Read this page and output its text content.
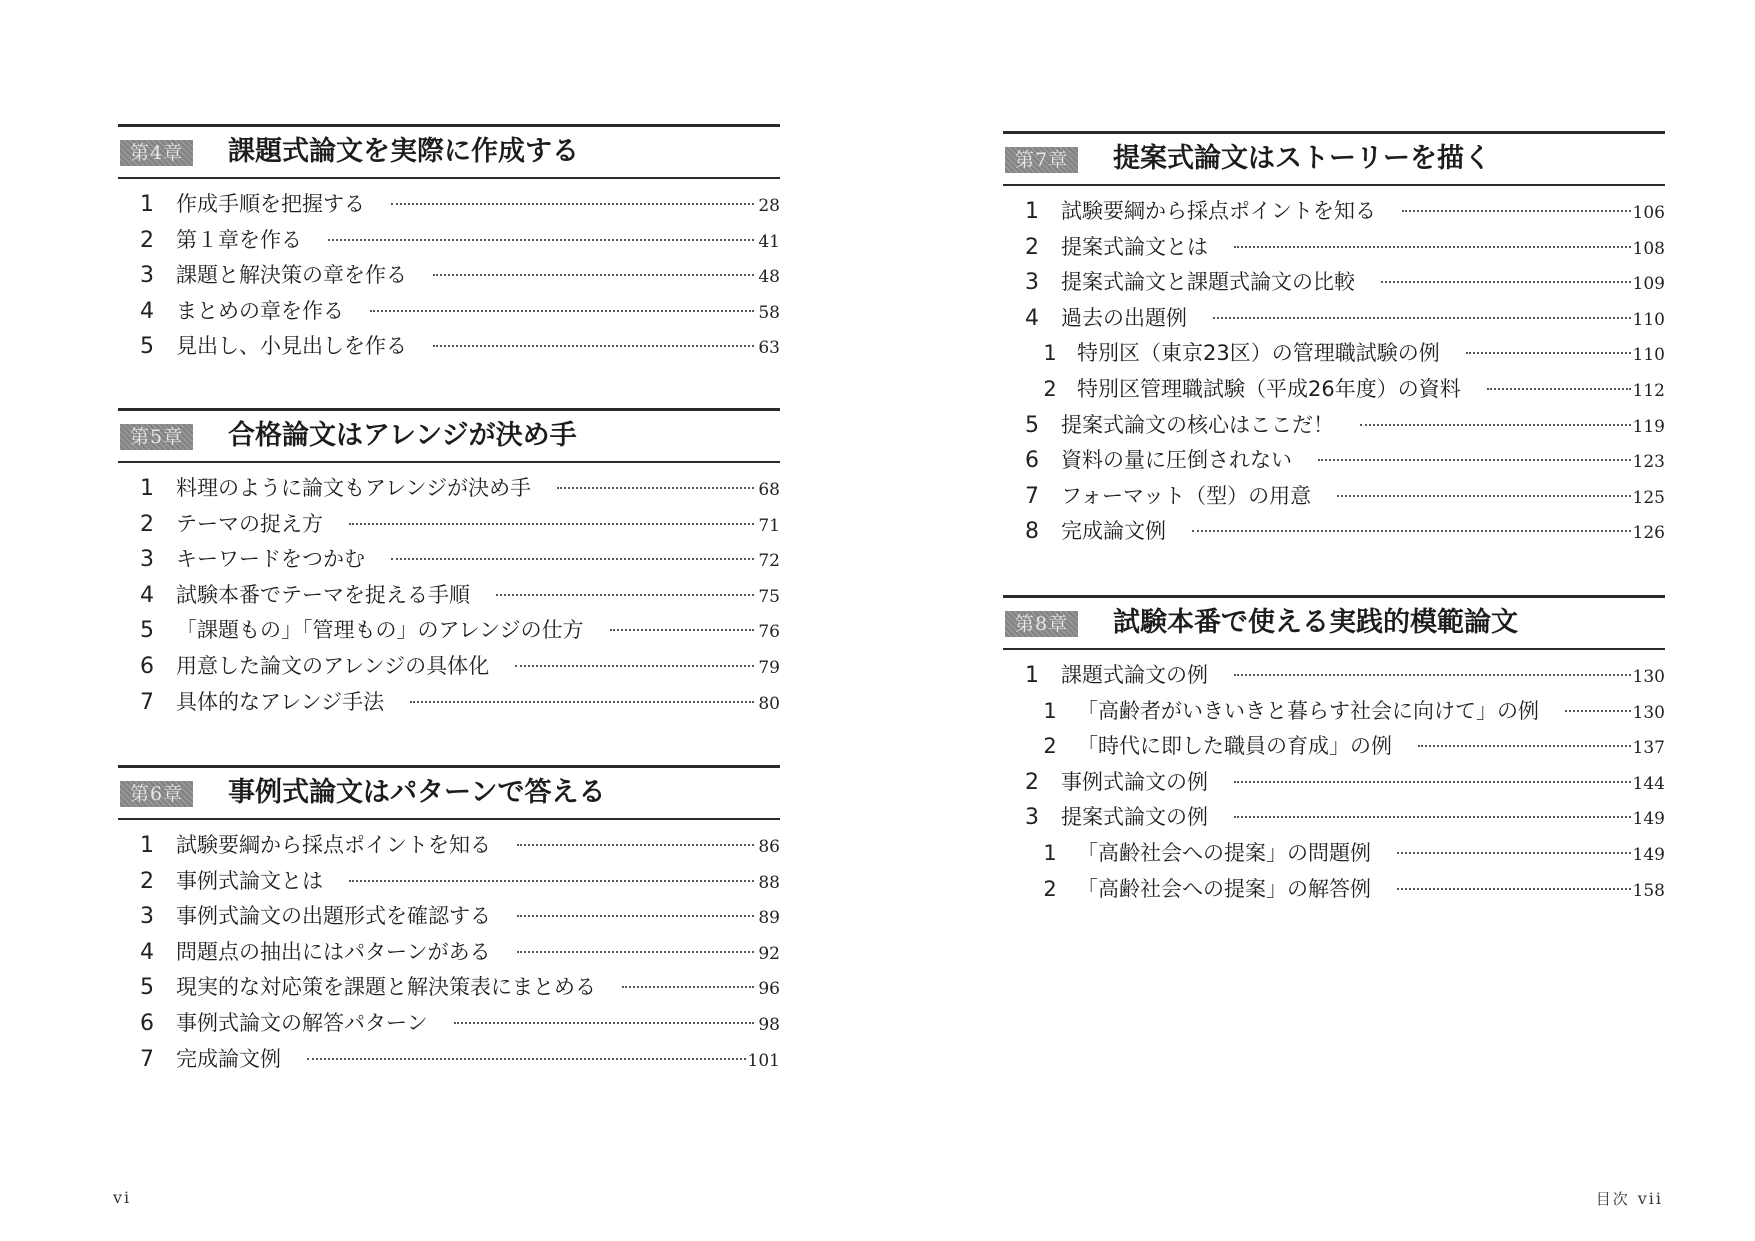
第4章	課題式論文を実際に作成する
1	作成手順を把握する	28
2	第１章を作る	41
3	課題と解決策の章を作る	48
4	まとめの章を作る	58
5	見出し、小見出しを作る	63
第5章	合格論文はアレンジが決め手
1	料理のように論文もアレンジが決め手	68
2	テーマの捉え方	71
3	キーワードをつかむ	72
4	試験本番でテーマを捉える手順	75
5	「課題もの」「管理もの」のアレンジの仕方	76
6	用意した論文のアレンジの具体化	79
7	具体的なアレンジ手法	80
第6章	事例式論文はパターンで答える
1	試験要綱から採点ポイントを知る	86
2	事例式論文とは	88
3	事例式論文の出題形式を確認する	89
4	問題点の抽出にはパターンがある	92
5	現実的な対応策を課題と解決策表にまとめる	96
6	事例式論文の解答パターン	98
7	完成論文例	101
vi
第7章	提案式論文はストーリーを描く
1	試験要綱から採点ポイントを知る	106
2	提案式論文とは	108
3	提案式論文と課題式論文の比較	109
4	過去の出題例	110
1 特別区（東京23区）の管理職試験の例	110
2 特別区管理職試験（平成26年度）の資料	112
5	提案式論文の核心はここだ！	119
6	資料の量に圧倒されない	123
7	フォーマット（型）の用意	125
8	完成論文例	126
第8章	試験本番で使える実践的模範論文
1	課題式論文の例	130
1 「高齢者がいきいきと暮らす社会に向けて」の例	130
2 「時代に即した職員の育成」の例	137
2	事例式論文の例	144
3	提案式論文の例	149
1 「高齢社会への提案」の問題例	149
2 「高齢社会への提案」の解答例	158
目次 vii
